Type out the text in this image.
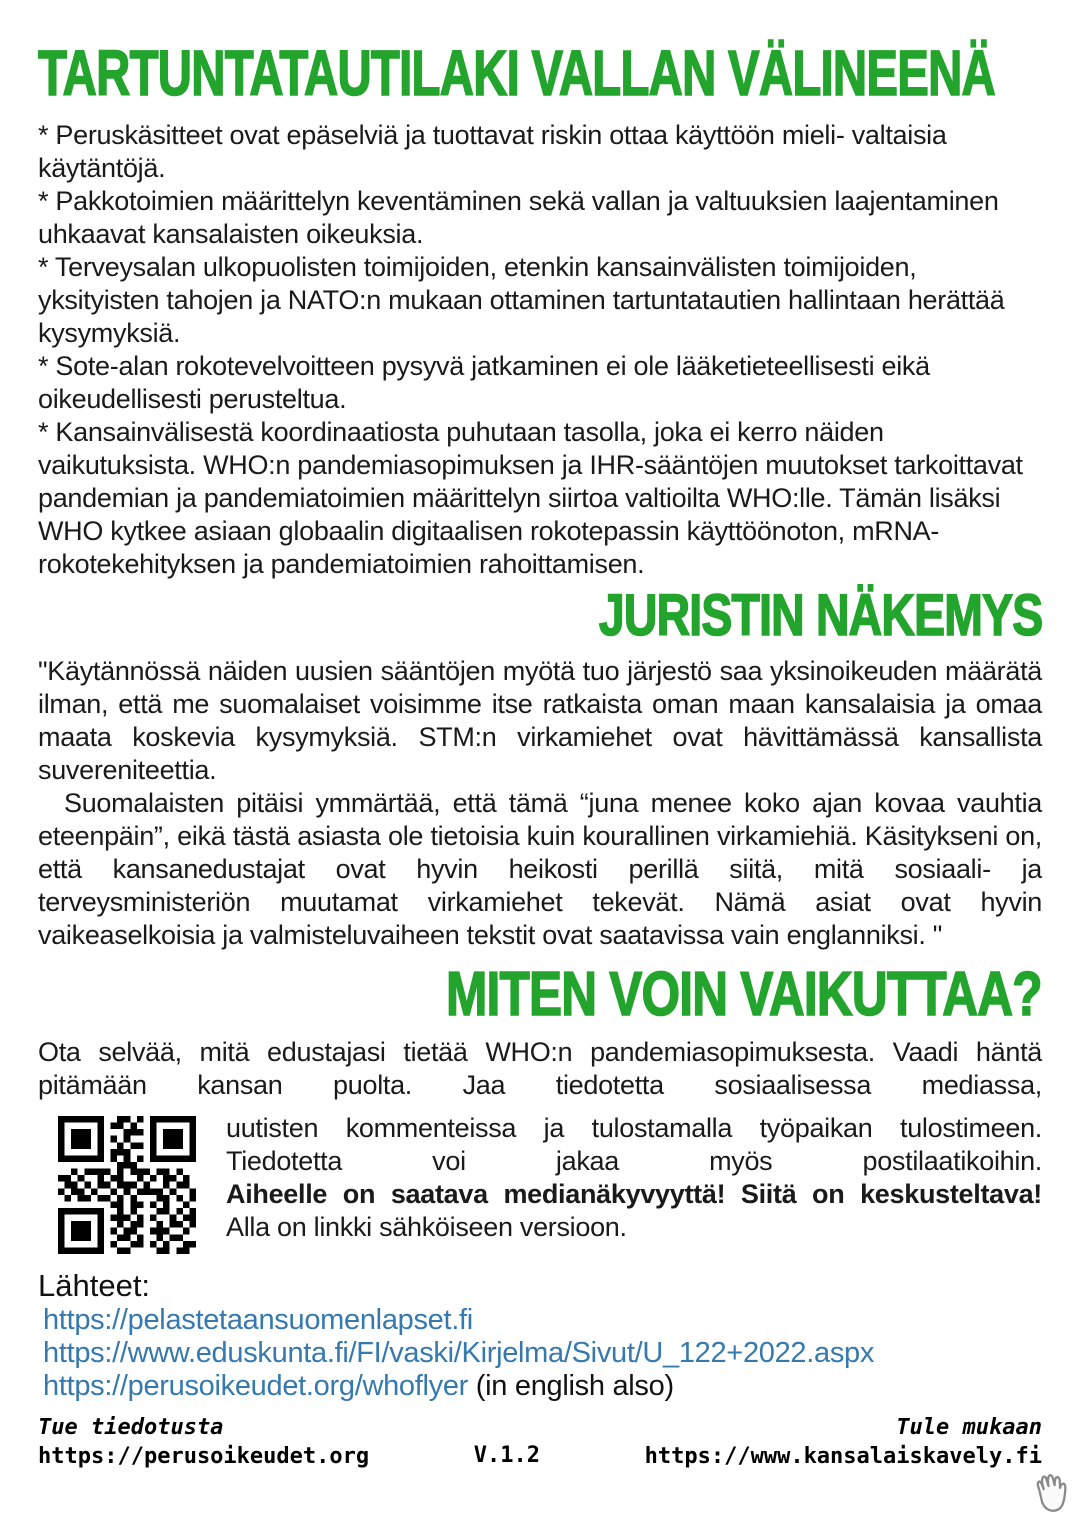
TARTUNTATAUTILAKI VALLAN VÄLINEENÄ

* Peruskäsitteet ovat epäselviä ja tuottavat riskin ottaa käyttöön mieli- valtaisia käytäntöjä.

* Pakkotoimien määrittelyn keventäminen sekä vallan ja valtuuksien laajentaminen uhkaavat kansalaisten oikeuksia.

* Terveysalan ulkopuolisten toimijoiden, etenkin kansainvälisten toimijoiden, yksityisten tahojen ja NATO:n mukaan ottaminen tartuntatautien hallintaan herättää kysymyksiä.

* Sote-alan rokotevelvoitteen pysyvä jatkaminen ei ole lääketieteellisesti eikä oikeudellisesti perusteltua.

* Kansainvälisestä koordinaatiosta puhutaan tasolla, joka ei kerro näiden vaikutuksista. WHO:n pandemiasopimuksen ja IHR-sääntöjen muutokset tarkoittavat pandemian ja pandemiatoimien määrittelyn siirtoa valtioilta WHO:lle. Tämän lisäksi WHO kytkee asiaan globaalin digitaalisen rokotepassin käyttöönoton, mRNA-rokotekehityksen ja pandemiatoimien rahoittamisen.

JURISTIN NÄKEMYS

"Käytännössä näiden uusien sääntöjen myötä tuo järjestö saa yksinoikeuden määrätä ilman, että me suomalaiset voisimme itse ratkaista oman maan kansalaisia ja omaa maata koskevia kysymyksiä. STM:n virkamiehet ovat hävittämässä kansallista suvereniteettia.

Suomalaisten pitäisi ymmärtää, että tämä “juna menee koko ajan kovaa vauhtia eteenpäin”, eikä tästä asiasta ole tietoisia kuin kourallinen virkamiehiä. Käsitykseni on, että kansanedustajat ovat hyvin heikosti perillä siitä, mitä sosiaali- ja terveysministeriön muutamat virkamiehet tekevät. Nämä asiat ovat hyvin vaikeaselkoisia ja valmisteluvaiheen tekstit ovat saatavissa vain englanniksi. "

MITEN VOIN VAIKUTTAA?

Ota selvää, mitä edustajasi tietää WHO:n pandemiasopimuksesta. Vaadi häntä pitämään kansan puolta. Jaa tiedotetta sosiaalisessa mediassa,

uutisten kommenteissa ja tulostamalla työpaikan tulostimeen. Tiedotetta voi jakaa myös postilaatikoihin.

Aiheelle on saatava medianäkyvyyttä! Siitä on keskusteltava!

Alla on linkki sähköiseen versioon.

Lähteet:
https://pelastetaansuomenlapset.fi
https://www.eduskunta.fi/FI/vaski/Kirjelma/Sivut/U_122+2022.aspx
https://perusoikeudet.org/whoflyer (in english also)
Tue tiedotusta
https://perusoikeudet.org	V.1.2
Tule mukaan
https://www.kansalaiskavely.fi
